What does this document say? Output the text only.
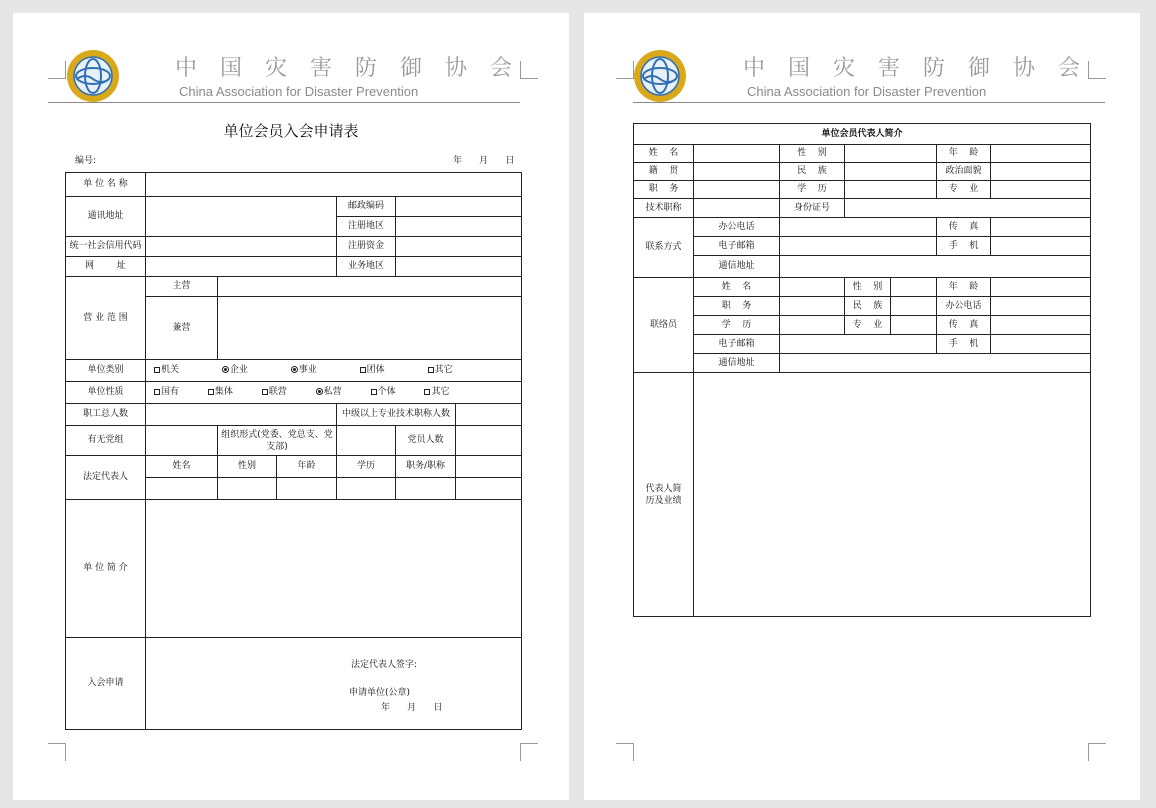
中 国 灾 害 防 御 协 会
China Association for Disaster Prevention
单位会员入会申请表
编号:	年      月      日
单 位 名 称						
通讯地址				邮政编码		
				注册地区		
统一社会信用代码				注册资金		
网        址				业务地区		
营 业 范 围	主营					
	兼营					
单位类别	机关 企业 事业 团体 其它					
单位性质	国有 集体 联营 私营 个体 其它					
职工总人数				中级以上专业技术职称人数		
有无党组		组织形式(党委、党总支、党支部)			党员人数	
法定代表人	姓名	性别	年龄	学历	职务/职称	

单 位 简 介						
入会申请						
法定代表人签字:
申请单位(公章)
年      月      日
中 国 灾 害 防 御 协 会
China Association for Disaster Prevention
单位会员代表人简介						
姓    名		性    别			年    龄	
籍    贯		民    族			政治面貌	
职    务		学    历			专    业	
技术职称		身份证号				
联系方式	办公电话				传    真	
	电子邮箱				手    机	
	通信地址					
联络员	姓    名		性    别		年    龄	
	职    务		民    族		办公电话	
	学    历		专    业		传    真	
	电子邮箱				手    机	
	通信地址					
代表人简历及业绩						
